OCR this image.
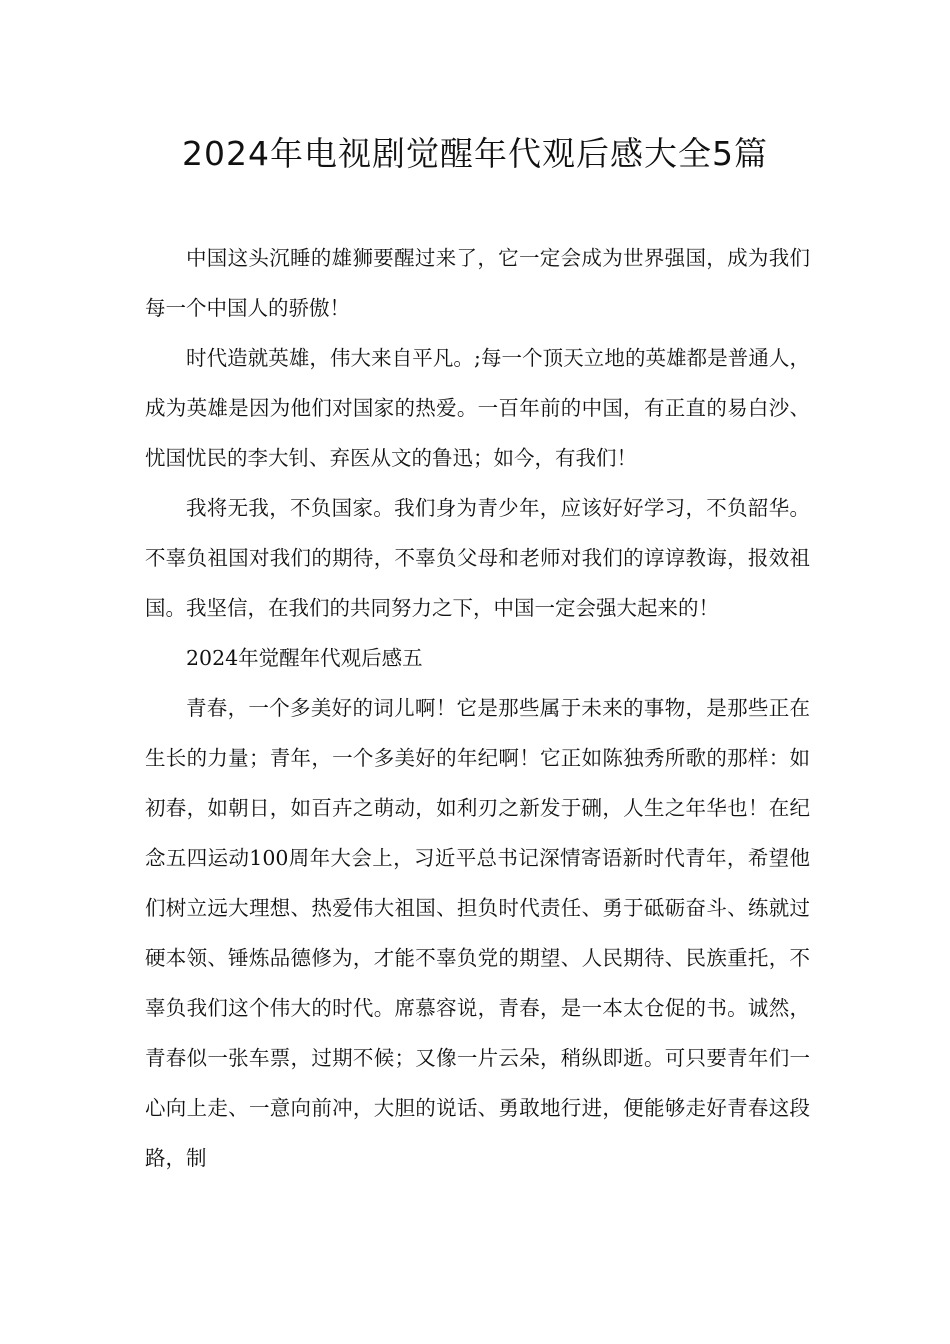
2024年电视剧觉醒年代观后感大全5篇

中国这头沉睡的雄狮要醒过来了，它一定会成为世界强国，成为我们每一个中国人的骄傲！

时代造就英雄，伟大来自平凡。;每一个顶天立地的英雄都是普通人，成为英雄是因为他们对国家的热爱。一百年前的中国，有正直的易白沙、忧国忧民的李大钊、弃医从文的鲁迅；如今，有我们！

我将无我，不负国家。我们身为青少年，应该好好学习，不负韶华。不辜负祖国对我们的期待，不辜负父母和老师对我们的谆谆教诲，报效祖国。我坚信，在我们的共同努力之下，中国一定会强大起来的！

2024年觉醒年代观后感五

青春，一个多美好的词儿啊！它是那些属于未来的事物，是那些正在生长的力量；青年，一个多美好的年纪啊！它正如陈独秀所歌的那样：如初春，如朝日，如百卉之萌动，如利刃之新发于硎，人生之年华也！在纪念五四运动100周年大会上，习近平总书记深情寄语新时代青年，希望他们树立远大理想、热爱伟大祖国、担负时代责任、勇于砥砺奋斗、练就过硬本领、锤炼品德修为，才能不辜负党的期望、人民期待、民族重托，不辜负我们这个伟大的时代。席慕容说，青春，是一本太仓促的书。诚然，青春似一张车票，过期不候；又像一片云朵，稍纵即逝。可只要青年们一心向上走、一意向前冲，大胆的说话、勇敢地行进，便能够走好青春这段路，制
